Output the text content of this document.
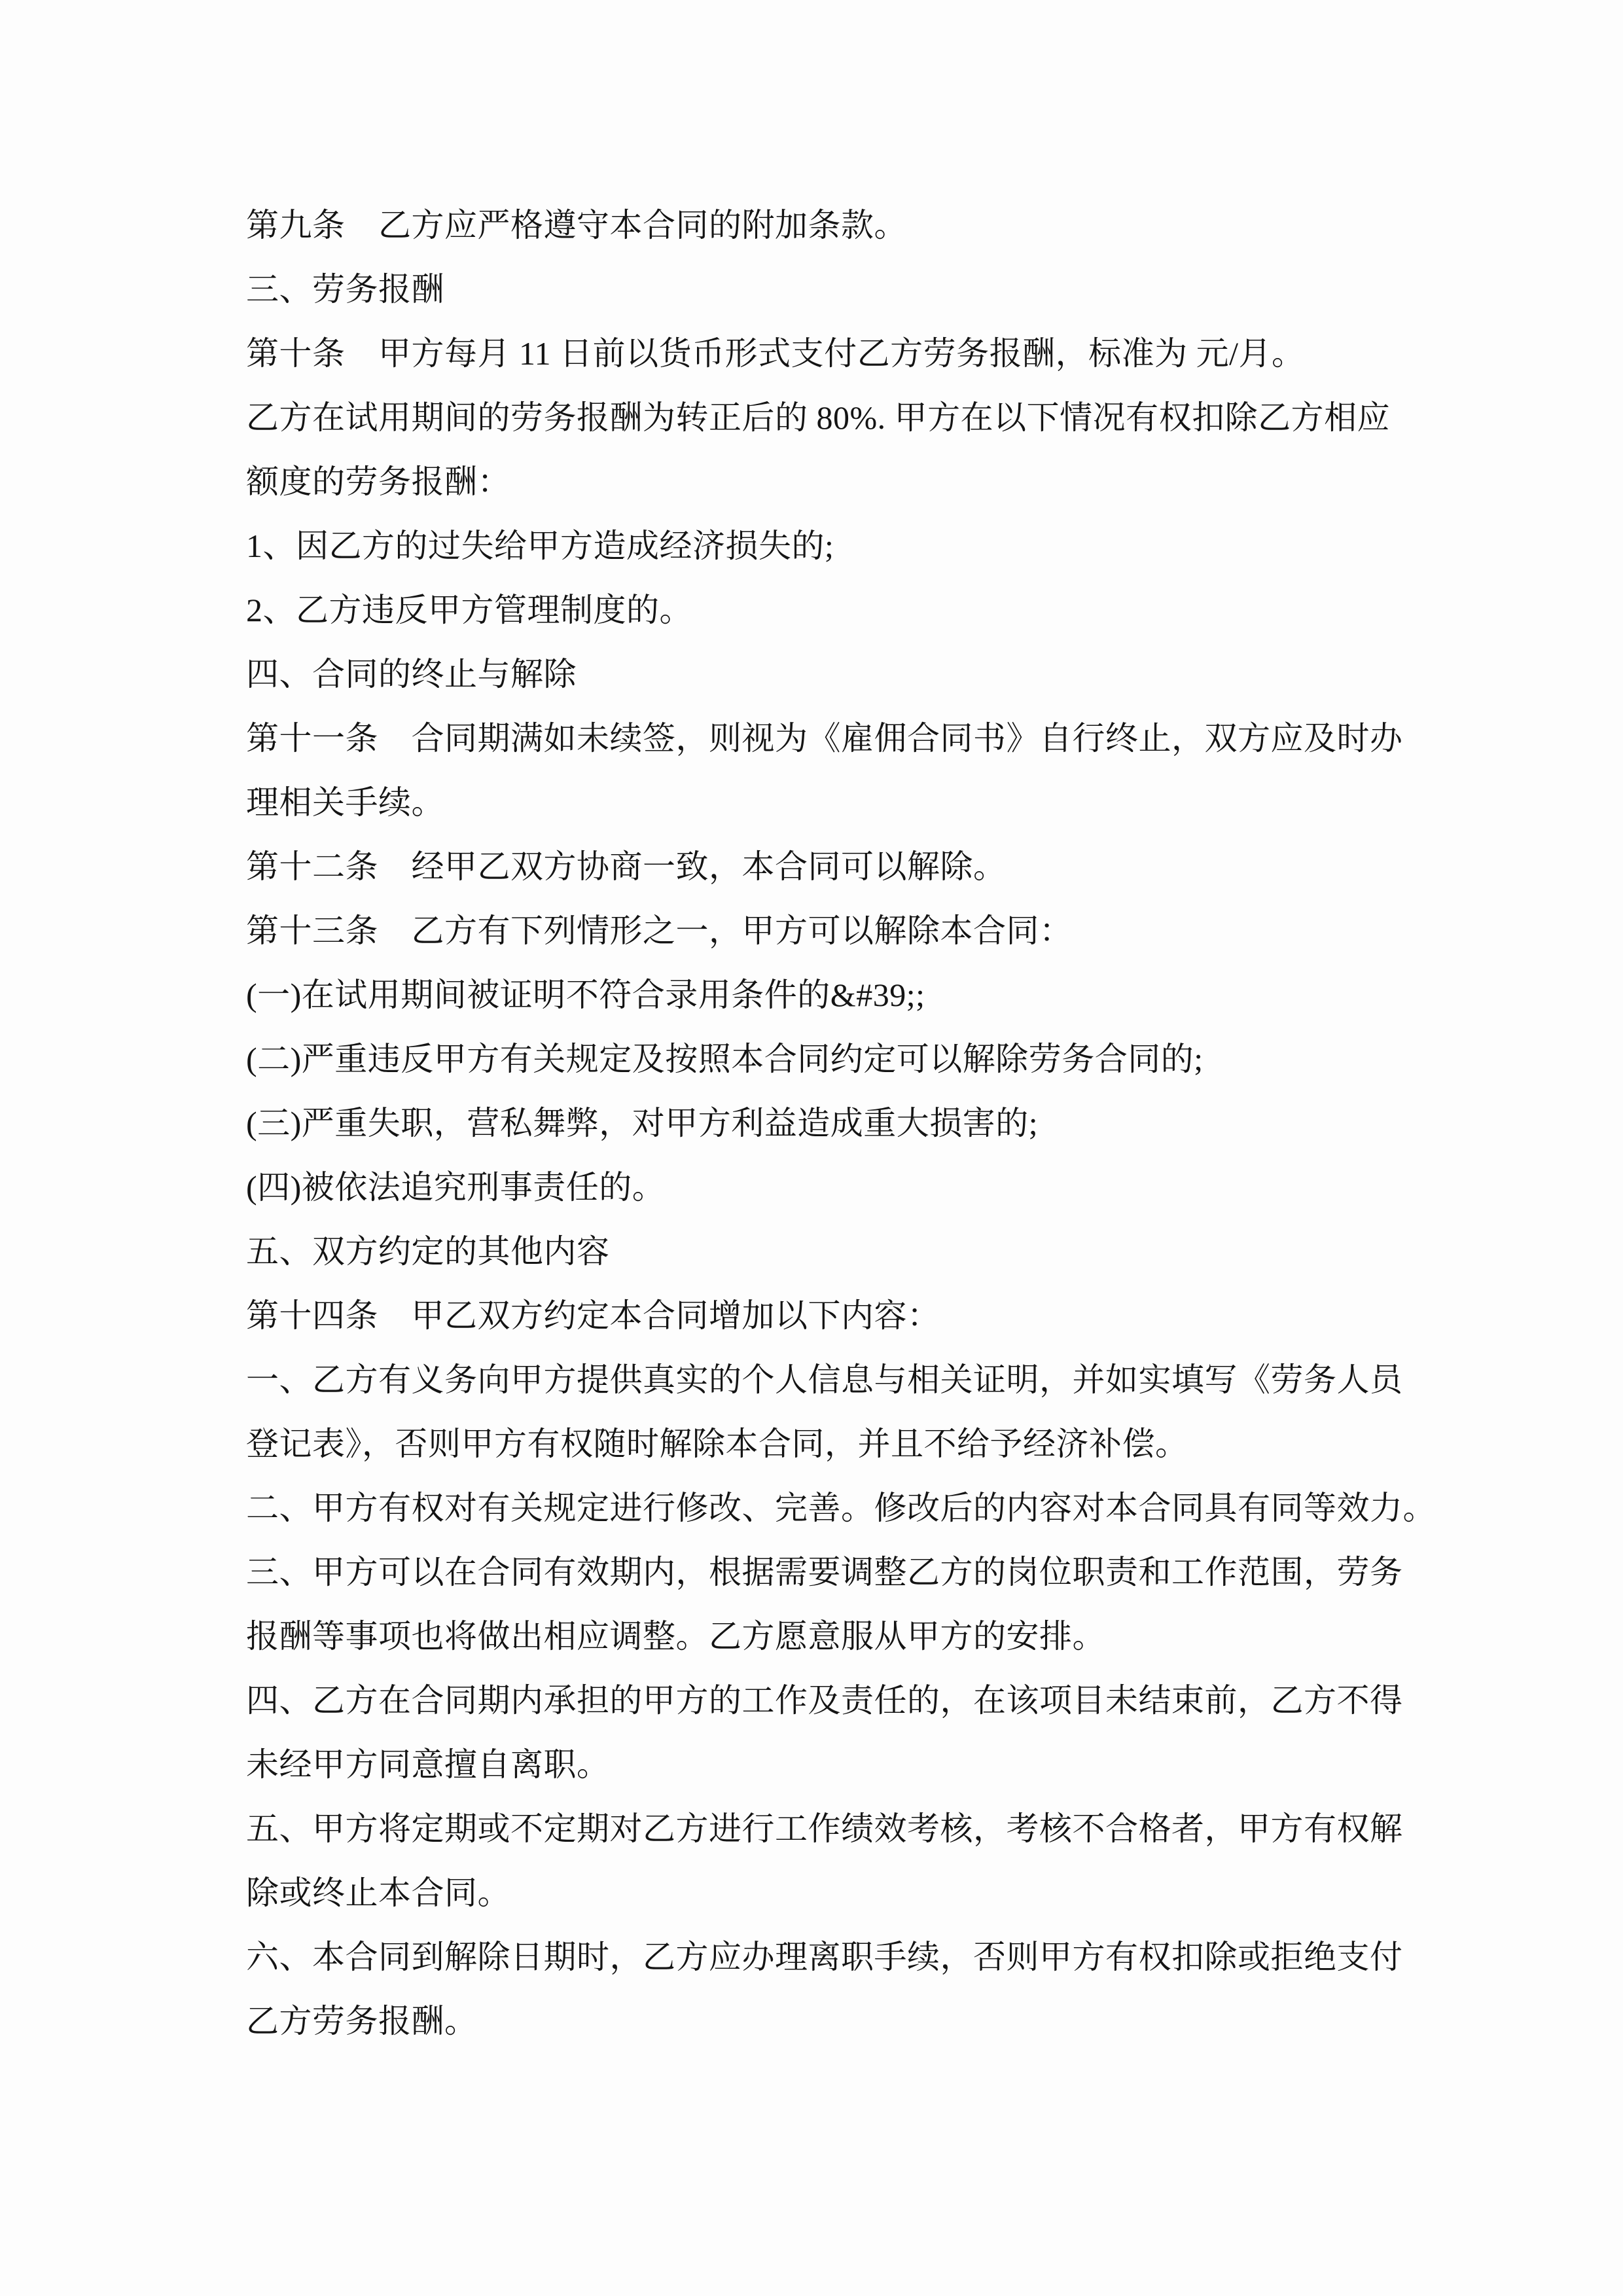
第九条　乙方应严格遵守本合同的附加条款。
三、劳务报酬
第十条　甲方每月 11 日前以货币形式支付乙方劳务报酬，标准为 元/月。
乙方在试用期间的劳务报酬为转正后的 80%. 甲方在以下情况有权扣除乙方相应
额度的劳务报酬：
1、因乙方的过失给甲方造成经济损失的;
2、乙方违反甲方管理制度的。
四、合同的终止与解除
第十一条　合同期满如未续签，则视为《雇佣合同书》自行终止，双方应及时办
理相关手续。
第十二条　经甲乙双方协商一致，本合同可以解除。
第十三条　乙方有下列情形之一，甲方可以解除本合同：
(一)在试用期间被证明不符合录用条件的&#39;;
(二)严重违反甲方有关规定及按照本合同约定可以解除劳务合同的;
(三)严重失职，营私舞弊，对甲方利益造成重大损害的;
(四)被依法追究刑事责任的。
五、双方约定的其他内容
第十四条　甲乙双方约定本合同增加以下内容：
一、乙方有义务向甲方提供真实的个人信息与相关证明，并如实填写《劳务人员
登记表》，否则甲方有权随时解除本合同，并且不给予经济补偿。
二、甲方有权对有关规定进行修改、完善。修改后的内容对本合同具有同等效力。
三、甲方可以在合同有效期内，根据需要调整乙方的岗位职责和工作范围，劳务
报酬等事项也将做出相应调整。乙方愿意服从甲方的安排。
四、乙方在合同期内承担的甲方的工作及责任的，在该项目未结束前，乙方不得
未经甲方同意擅自离职。
五、甲方将定期或不定期对乙方进行工作绩效考核，考核不合格者，甲方有权解
除或终止本合同。
六、本合同到解除日期时，乙方应办理离职手续，否则甲方有权扣除或拒绝支付
乙方劳务报酬。
